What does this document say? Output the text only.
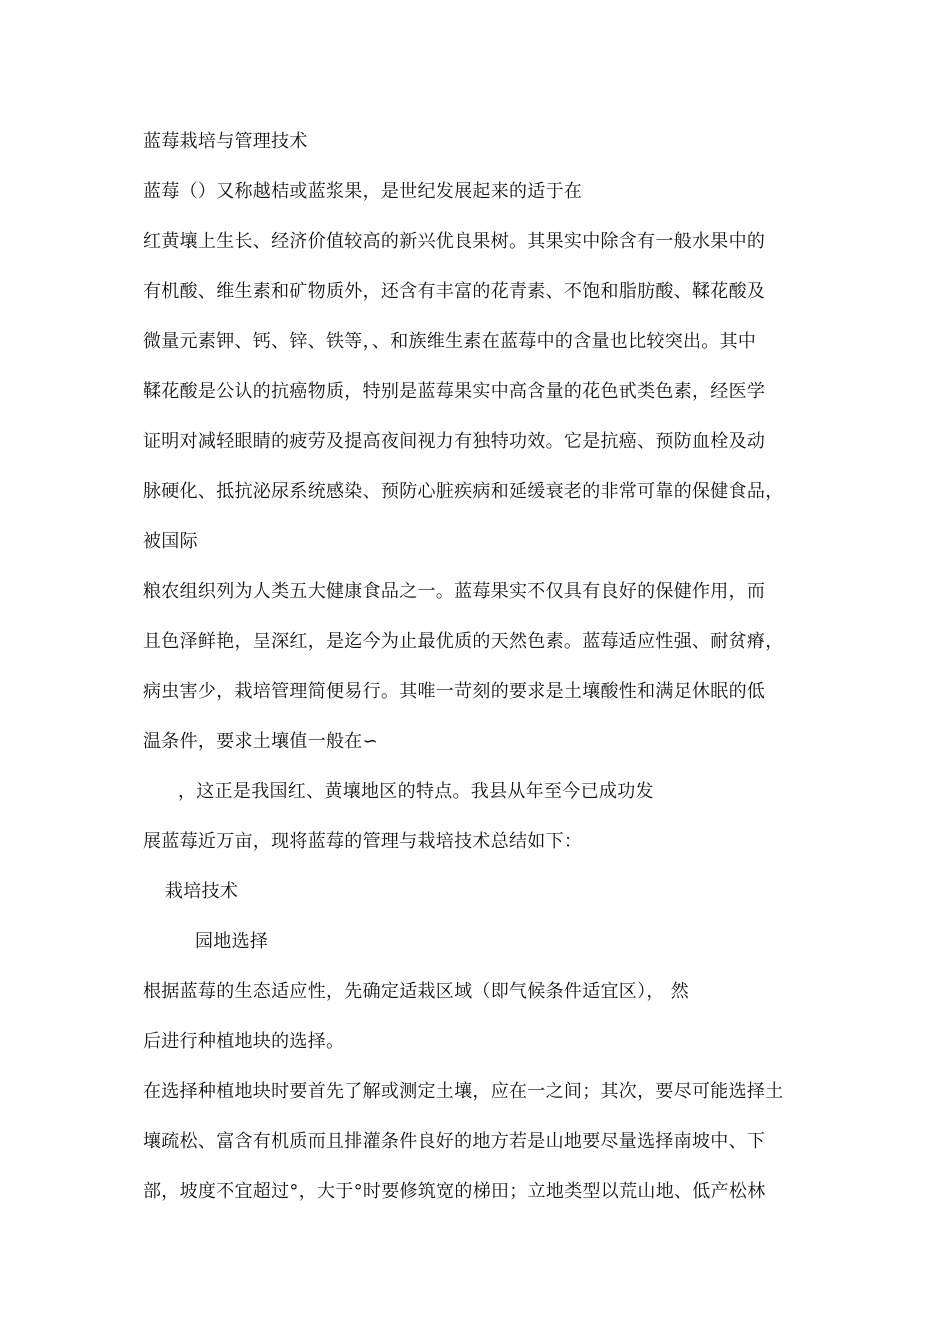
蓝莓栽培与管理技术
蓝莓（）又称越桔或蓝浆果，是世纪发展起来的适于在
红黄壤上生长、经济价值较高的新兴优良果树。其果实中除含有一般水果中的
有机酸、维生素和矿物质外，还含有丰富的花青素、不饱和脂肪酸、鞣花酸及
微量元素钾、钙、锌、铁等，、和族维生素在蓝莓中的含量也比较突出。其中
鞣花酸是公认的抗癌物质，特别是蓝莓果实中高含量的花色甙类色素，经医学
证明对减轻眼睛的疲劳及提高夜间视力有独特功效。它是抗癌、预防血栓及动
脉硬化、抵抗泌尿系统感染、预防心脏疾病和延缓衰老的非常可靠的保健食品，
被国际
粮农组织列为人类五大健康食品之一。蓝莓果实不仅具有良好的保健作用，而
且色泽鲜艳，呈深红，是迄今为止最优质的天然色素。蓝莓适应性强、耐贫瘠，
病虫害少，栽培管理简便易行。其唯一苛刻的要求是土壤酸性和满足休眠的低
温条件，要求土壤值一般在∽
，这正是我国红、黄壤地区的特点。我县从年至今已成功发
展蓝莓近万亩，现将蓝莓的管理与栽培技术总结如下：
栽培技术
园地选择
根据蓝莓的生态适应性，先确定适栽区域（即气候条件适宜区）， 然
后进行种植地块的选择。
在选择种植地块时要首先了解或测定土壤，应在一之间；其次，要尽可能选择土
壤疏松、富含有机质而且排灌条件良好的地方若是山地要尽量选择南坡中、下
部，坡度不宜超过°，大于°时要修筑宽的梯田；立地类型以荒山地、低产松林
